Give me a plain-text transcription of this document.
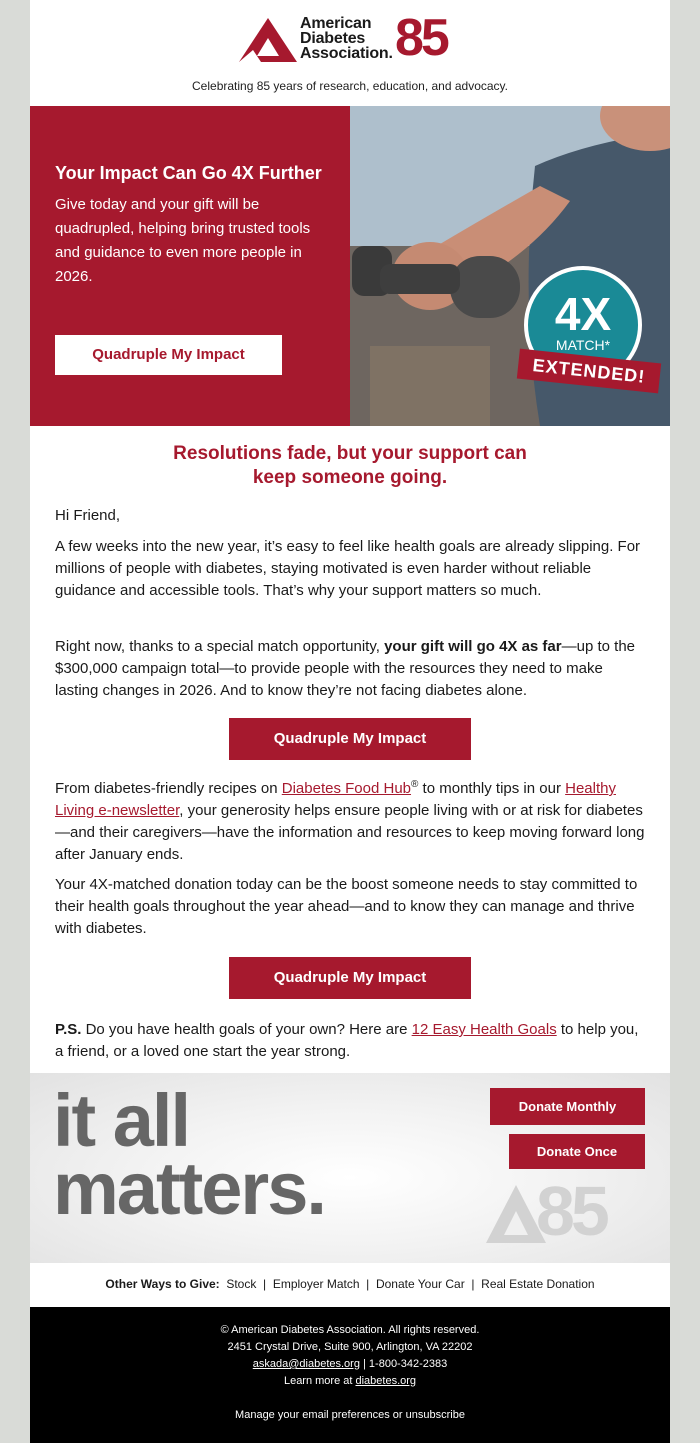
American
Diabetes
Association. 85
Celebrating 85 years of research, education, and advocacy.
Your Impact Can Go 4X Further
Give today and your gift will be quadrupled, helping bring trusted tools and guidance to even more people in 2026.
Quadruple My Impact
4X
MATCH*
EXTENDED!
Resolutions fade, but your support can
keep someone going.
Hi Friend,
A few weeks into the new year, it’s easy to feel like health goals are already slipping. For millions of people with diabetes, staying motivated is even harder without reliable guidance and accessible tools. That’s why your support matters so much.
Right now, thanks to a special match opportunity, your gift will go 4X as far—up to the $300,000 campaign total—to provide people with the resources they need to make lasting changes in 2026. And to know they’re not facing diabetes alone.
Quadruple My Impact
From diabetes-friendly recipes on Diabetes Food Hub® to monthly tips in our Healthy Living e-newsletter, your generosity helps ensure people living with or at risk for diabetes—and their caregivers—have the information and resources to keep moving forward long after January ends.
Your 4X-matched donation today can be the boost someone needs to stay committed to their health goals throughout the year ahead—and to know they can manage and thrive with diabetes.
Quadruple My Impact
P.S. Do you have health goals of your own? Here are 12 Easy Health Goals to help you, a friend, or a loved one start the year strong.
it all
matters.
Donate Monthly
Donate Once
85
Other Ways to Give: Stock  |  Employer Match  |  Donate Your Car  |  Real Estate Donation
© American Diabetes Association. All rights reserved.
2451 Crystal Drive, Suite 900, Arlington, VA 22202
askada@diabetes.org | 1-800-342-2383
Learn more at diabetes.org
Manage your email preferences or unsubscribe
